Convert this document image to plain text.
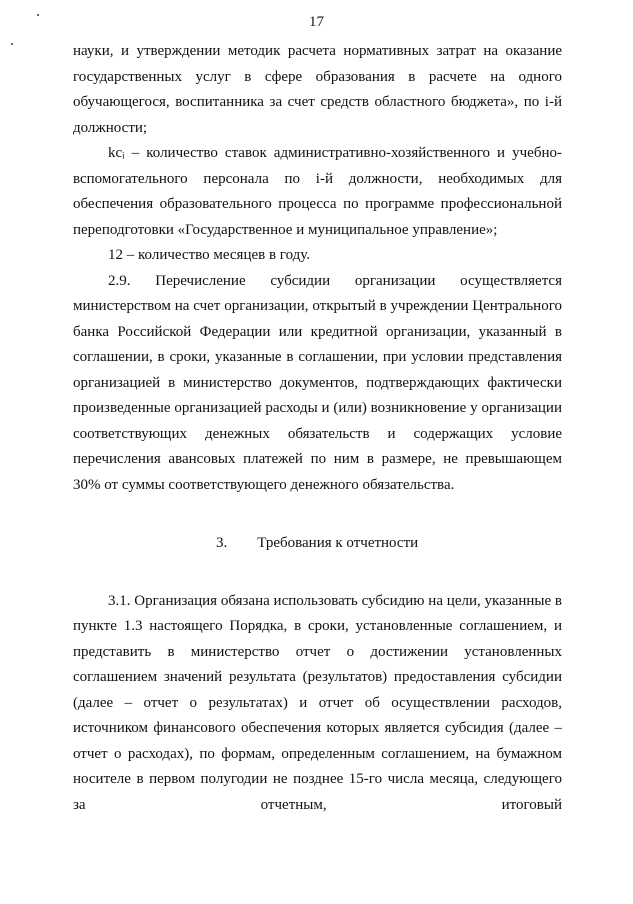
17

науки, и утверждении методик расчета нормативных затрат на оказание государственных услуг в сфере образования в расчете на одного обучающегося, воспитанника за счет средств областного бюджета», по i-й должности;

kcᵢ – количество ставок административно-хозяйственного и учебно-вспомогательного персонала по i-й должности, необходимых для обеспечения образовательного процесса по программе профессиональной переподготовки «Государственное и муниципальное управление»;

12 – количество месяцев в году.

2.9. Перечисление субсидии организации осуществляется министерством на счет организации, открытый в учреждении Центрального банка Российской Федерации или кредитной организации, указанный в соглашении, в сроки, указанные в соглашении, при условии представления организацией в министерство документов, подтверждающих фактически произведенные организацией расходы и (или) возникновение у организации соответствующих денежных обязательств и содержащих условие перечисления авансовых платежей по ним в размере, не превышающем 30% от суммы соответствующего денежного обязательства.

3. Требования к отчетности

3.1. Организация обязана использовать субсидию на цели, указанные в пункте 1.3 настоящего Порядка, в сроки, установленные соглашением, и представить в министерство отчет о достижении установленных соглашением значений результата (результатов) предоставления субсидии (далее – отчет о результатах) и отчет об осуществлении расходов, источником финансового обеспечения которых является субсидия (далее – отчет о расходах), по формам, определенным соглашением, на бумажном носителе в первом полугодии не позднее 15-го числа месяца, следующего за отчетным, итоговый
